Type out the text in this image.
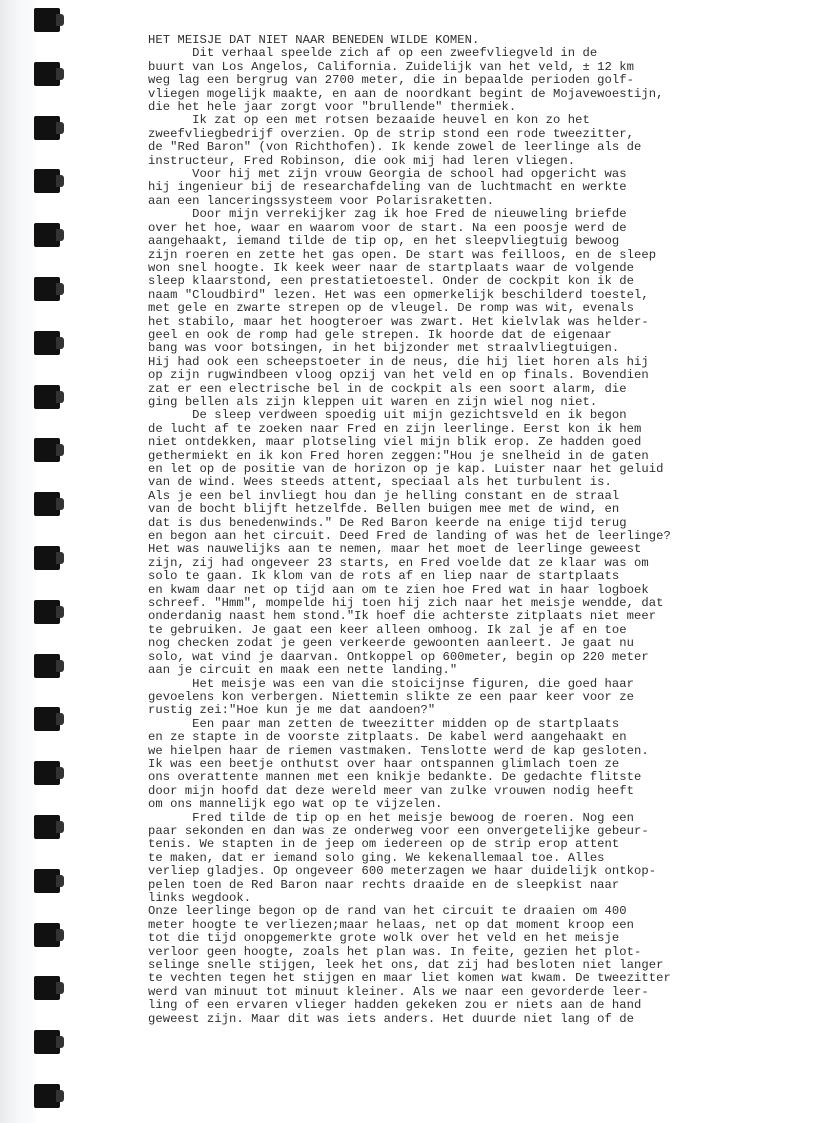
HET MEISJE DAT NIET NAAR BENEDEN WILDE KOMEN.
Dit verhaal speelde zich af op een zweefvliegveld in de
buurt van Los Angelos, California. Zuidelijk van het veld, ± 12 km
weg lag een bergrug van 2700 meter, die in bepaalde perioden golf-
vliegen mogelijk maakte, en aan de noordkant begint de Mojavewoestijn,
die het hele jaar zorgt voor "brullende" thermiek.
Ik zat op een met rotsen bezaaide heuvel en kon zo het
zweefvliegbedrijf overzien. Op de strip stond een rode tweezitter,
de "Red Baron" (von Richthofen). Ik kende zowel de leerlinge als de
instructeur, Fred Robinson, die ook mij had leren vliegen.
Voor hij met zijn vrouw Georgia de school had opgericht was
hij ingenieur bij de researchafdeling van de luchtmacht en werkte
aan een lanceringssysteem voor Polarisraketten.
Door mijn verrekijker zag ik hoe Fred de nieuweling briefde
over het hoe, waar en waarom voor de start. Na een poosje werd de
aangehaakt, iemand tilde de tip op, en het sleepvliegtuig bewoog
zijn roeren en zette het gas open. De start was feilloos, en de sleep
won snel hoogte. Ik keek weer naar de startplaats waar de volgende
sleep klaarstond, een prestatietoestel. Onder de cockpit kon ik de
naam "Cloudbird" lezen. Het was een opmerkelijk beschilderd toestel,
met gele en zwarte strepen op de vleugel. De romp was wit, evenals
het stabilo, maar het hoogteroer was zwart. Het kielvlak was helder-
geel en ook de romp had gele strepen. Ik hoorde dat de eigenaar
bang was voor botsingen, in het bijzonder met straalvliegtuigen.
Hij had ook een scheepstoeter in de neus, die hij liet horen als hij
op zijn rugwindbeen vloog opzij van het veld en op finals. Bovendien
zat er een electrische bel in de cockpit als een soort alarm, die
ging bellen als zijn kleppen uit waren en zijn wiel nog niet.
De sleep verdween spoedig uit mijn gezichtsveld en ik begon
de lucht af te zoeken naar Fred en zijn leerlinge. Eerst kon ik hem
niet ontdekken, maar plotseling viel mijn blik erop. Ze hadden goed
gethermiekt en ik kon Fred horen zeggen:"Hou je snelheid in de gaten
en let op de positie van de horizon op je kap. Luister naar het geluid
van de wind. Wees steeds attent, speciaal als het turbulent is.
Als je een bel invliegt hou dan je helling constant en de straal
van de bocht blijft hetzelfde. Bellen buigen mee met de wind, en
dat is dus benedenwinds." De Red Baron keerde na enige tijd terug
en begon aan het circuit. Deed Fred de landing of was het de leerlinge?
Het was nauwelijks aan te nemen, maar het moet de leerlinge geweest
zijn, zij had ongeveer 23 starts, en Fred voelde dat ze klaar was om
solo te gaan. Ik klom van de rots af en liep naar de startplaats
en kwam daar net op tijd aan om te zien hoe Fred wat in haar logboek
schreef. "Hmm", mompelde hij toen hij zich naar het meisje wendde, dat
onderdanig naast hem stond."Ik hoef die achterste zitplaats niet meer
te gebruiken. Je gaat een keer alleen omhoog. Ik zal je af en toe
nog checken zodat je geen verkeerde gewoonten aanleert. Je gaat nu
solo, wat vind je daarvan. Ontkoppel op 600meter, begin op 220 meter
aan je circuit en maak een nette landing."
Het meisje was een van die stoicijnse figuren, die goed haar
gevoelens kon verbergen. Niettemin slikte ze een paar keer voor ze
rustig zei:"Hoe kun je me dat aandoen?"
Een paar man zetten de tweezitter midden op de startplaats
en ze stapte in de voorste zitplaats. De kabel werd aangehaakt en
we hielpen haar de riemen vastmaken. Tenslotte werd de kap gesloten.
Ik was een beetje onthutst over haar ontspannen glimlach toen ze
ons overattente mannen met een knikje bedankte. De gedachte flitste
door mijn hoofd dat deze wereld meer van zulke vrouwen nodig heeft
om ons mannelijk ego wat op te vijzelen.
Fred tilde de tip op en het meisje bewoog de roeren. Nog een
paar sekonden en dan was ze onderweg voor een onvergetelijke gebeur-
tenis. We stapten in de jeep om iedereen op de strip erop attent
te maken, dat er iemand solo ging. We kekenallemaal toe. Alles
verliep gladjes. Op ongeveer 600 meterzagen we haar duidelijk ontkop-
pelen toen de Red Baron naar rechts draaide en de sleepkist naar
links wegdook.
Onze leerlinge begon op de rand van het circuit te draaien om 400
meter hoogte te verliezen;maar helaas, net op dat moment kroop een
tot die tijd onopgemerkte grote wolk over het veld en het meisje
verloor geen hoogte, zoals het plan was. In feite, gezien het plot-
selinge snelle stijgen, leek het ons, dat zij had besloten niet langer
te vechten tegen het stijgen en maar liet komen wat kwam. De tweezitter
werd van minuut tot minuut kleiner. Als we naar een gevorderde leer-
ling of een ervaren vlieger hadden gekeken zou er niets aan de hand
geweest zijn. Maar dit was iets anders. Het duurde niet lang of de
